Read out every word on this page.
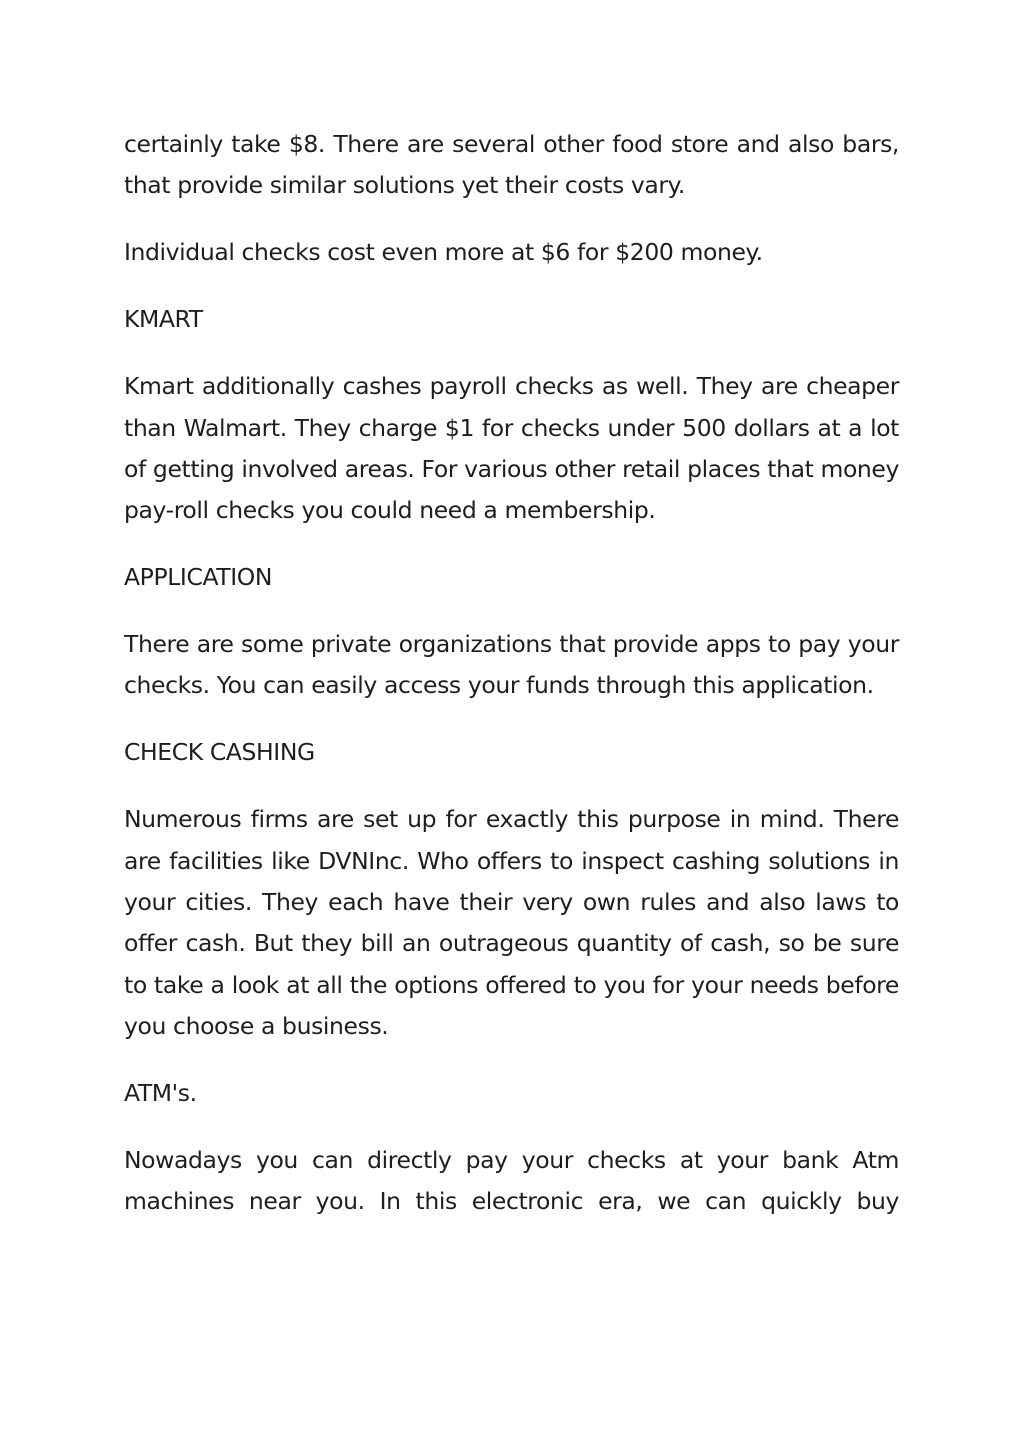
certainly take $8. There are several other food store and also bars, that provide similar solutions yet their costs vary.

Individual checks cost even more at $6 for $200 money.

KMART

Kmart additionally cashes payroll checks as well. They are cheaper than Walmart. They charge $1 for checks under 500 dollars at a lot of getting involved areas. For various other retail places that money pay-roll checks you could need a membership.

APPLICATION

There are some private organizations that provide apps to pay your checks. You can easily access your funds through this application.

CHECK CASHING

Numerous firms are set up for exactly this purpose in mind. There are facilities like DVNInc. Who offers to inspect cashing solutions in your cities. They each have their very own rules and also laws to offer cash. But they bill an outrageous quantity of cash, so be sure to take a look at all the options offered to you for your needs before you choose a business.

ATM's.

Nowadays you can directly pay your checks at your bank Atm machines near you. In this electronic era, we can quickly buy
